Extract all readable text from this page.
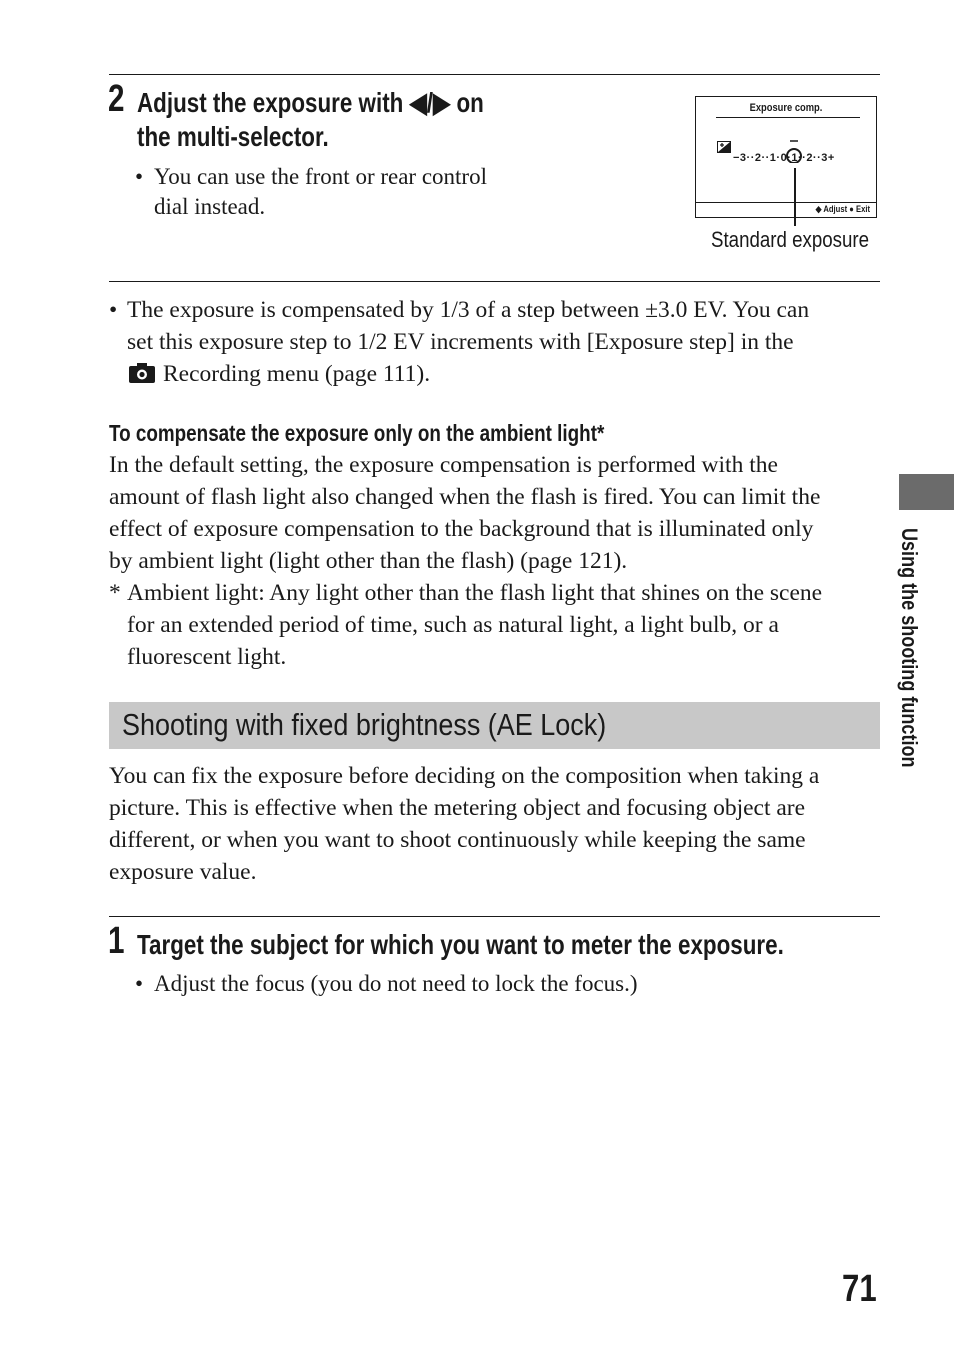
2 Adjust the exposure with ◀/▶ on
the multi-selector.
• You can use the front or rear control
dial instead.
Exposure comp.
−3··2··1·0·1··2··3+
◆ Adjust ● Exit
Standard exposure
• The exposure is compensated by 1/3 of a step between ±3.0 EV. You can
set this exposure step to 1/2 EV increments with [Exposure step] in the
Recording menu (page 111).
To compensate the exposure only on the ambient light*
In the default setting, the exposure compensation is performed with the
amount of flash light also changed when the flash is fired. You can limit the
effect of exposure compensation to the background that is illuminated only
by ambient light (light other than the flash) (page 121).
* Ambient light: Any light other than the flash light that shines on the scene
for an extended period of time, such as natural light, a light bulb, or a
fluorescent light.
Shooting with fixed brightness (AE Lock)
You can fix the exposure before deciding on the composition when taking a
picture. This is effective when the metering object and focusing object are
different, or when you want to shoot continuously while keeping the same
exposure value.
1 Target the subject for which you want to meter the exposure.
• Adjust the focus (you do not need to lock the focus.)
Using the shooting function
71
